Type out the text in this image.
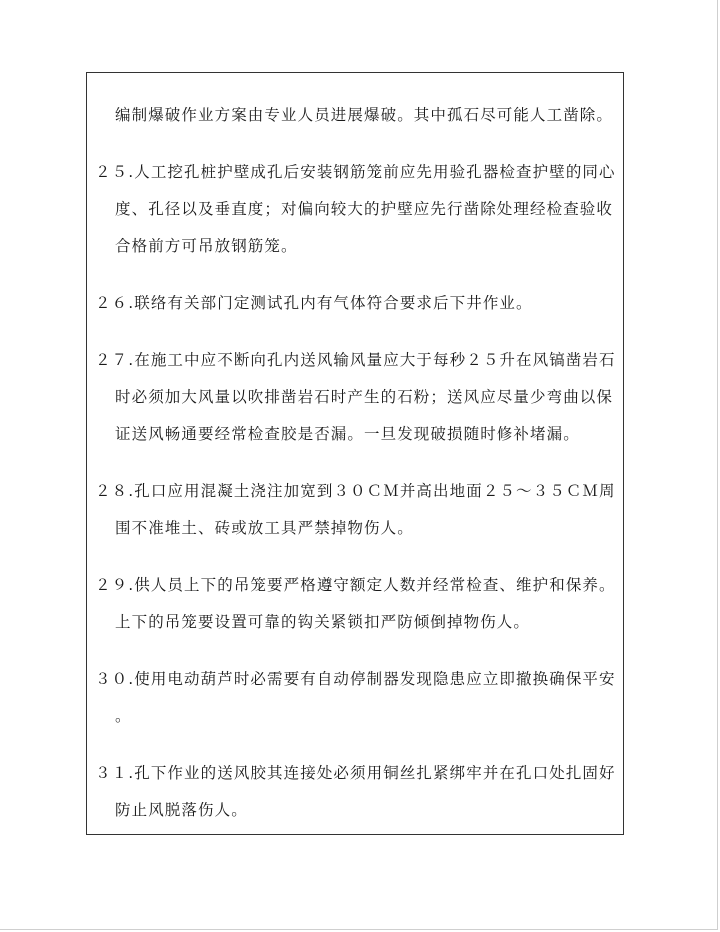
编制爆破作业方案由专业人员进展爆破。其中孤石尽可能人工凿除。

２５.人工挖孔桩护壁成孔后安装钢筋笼前应先用验孔器检查护壁的同心
度、孔径以及垂直度；对偏向较大的护壁应先行凿除处理经检查验收
合格前方可吊放钢筋笼。

２６.联络有关部门定测试孔内有气体符合要求后下井作业。

２７.在施工中应不断向孔内送风输风量应大于每秒２５升在风镐凿岩石
时必须加大风量以吹排凿岩石时产生的石粉；送风应尽量少弯曲以保
证送风畅通要经常检查胶是否漏。一旦发现破损随时修补堵漏。

２８.孔口应用混凝土浇注加宽到３０ＣＭ并高出地面２５～３５ＣＭ周
围不准堆土、砖或放工具严禁掉物伤人。

２９.供人员上下的吊笼要严格遵守额定人数并经常检查、维护和保养。
上下的吊笼要设置可靠的钩关紧锁扣严防倾倒掉物伤人。

３０.使用电动葫芦时必需要有自动停制器发现隐患应立即撤换确保平安
。

３１.孔下作业的送风胶其连接处必须用铜丝扎紧绑牢并在孔口处扎固好
防止风脱落伤人。
